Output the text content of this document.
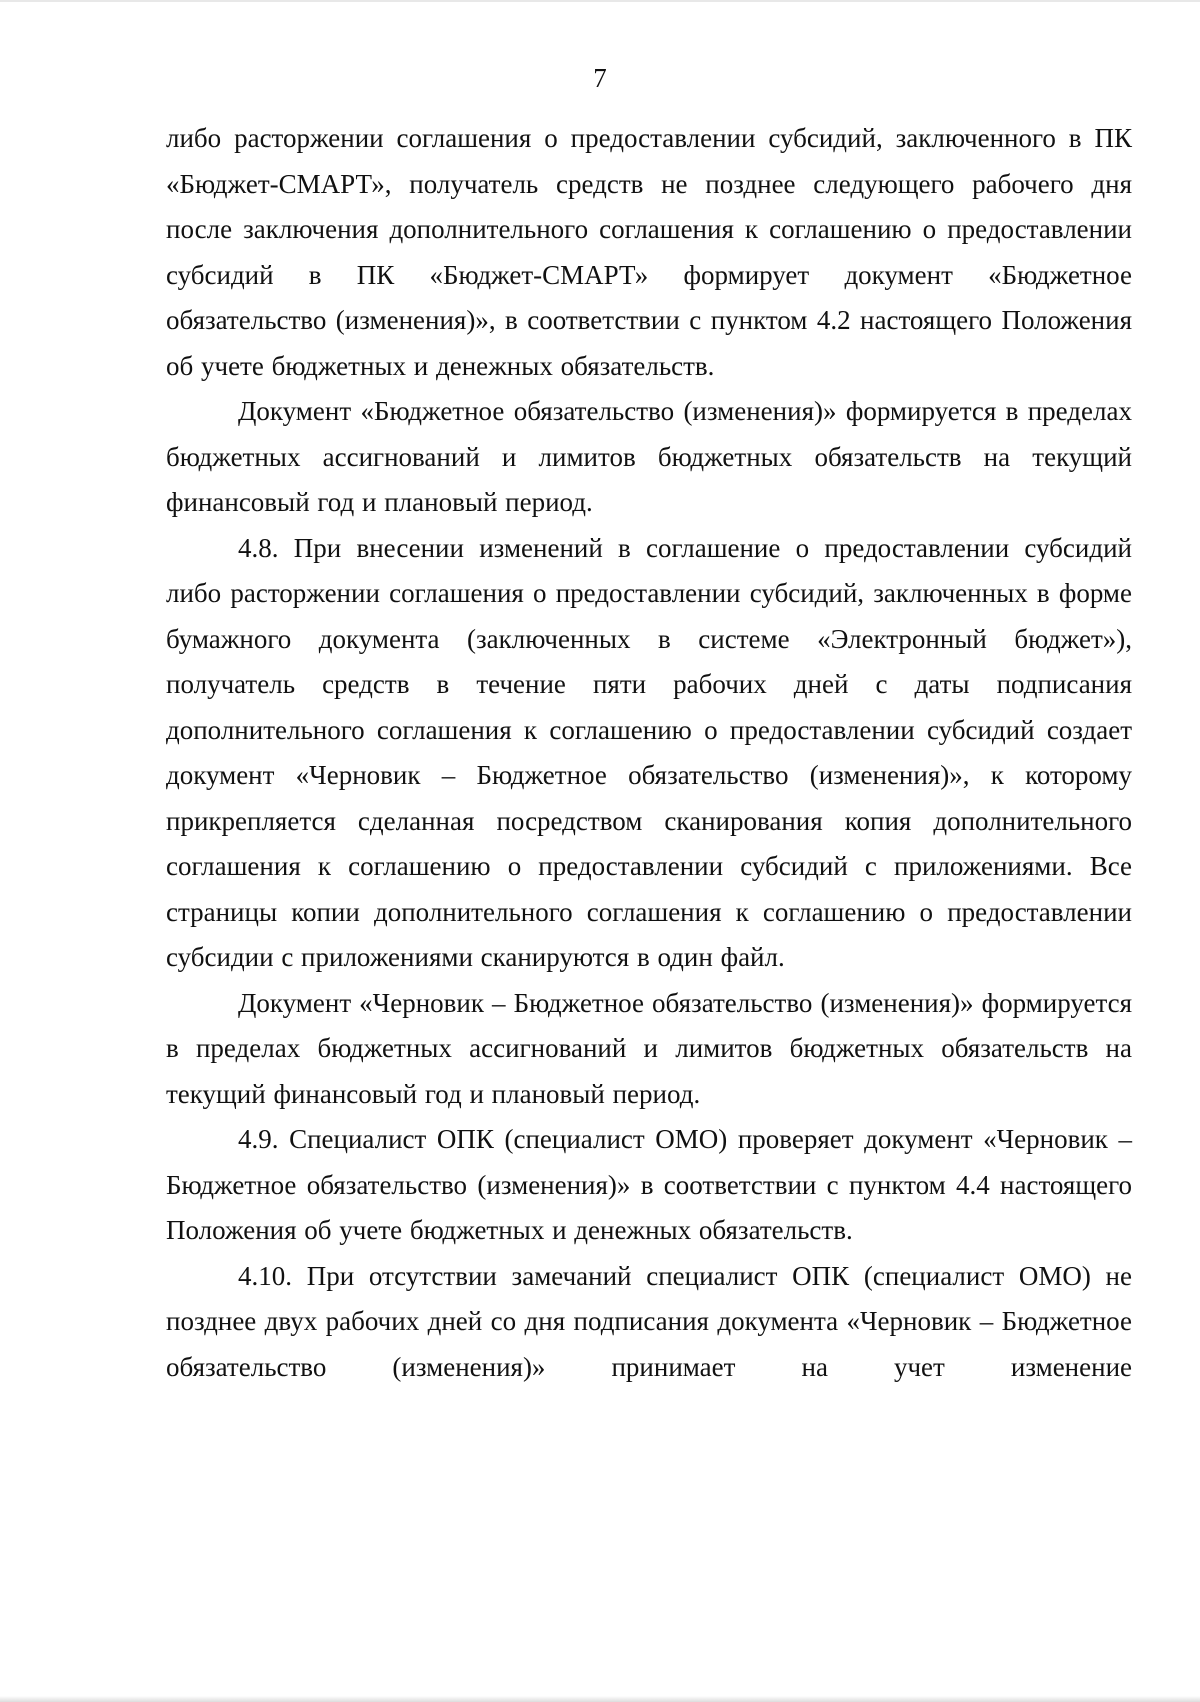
7

либо расторжении соглашения о предоставлении субсидий, заключенного в ПК «Бюджет-СМАРТ», получатель средств не позднее следующего рабочего дня после заключения дополнительного соглашения к соглашению о предоставлении субсидий в ПК «Бюджет-СМАРТ» формирует документ «Бюджетное обязательство (изменения)», в соответствии с пунктом 4.2 настоящего Положения об учете бюджетных и денежных обязательств.

Документ «Бюджетное обязательство (изменения)» формируется в пределах бюджетных ассигнований и лимитов бюджетных обязательств на текущий финансовый год и плановый период.

4.8. При внесении изменений в соглашение о предоставлении субсидий либо расторжении соглашения о предоставлении субсидий, заключенных в форме бумажного документа (заключенных в системе «Электронный бюджет»), получатель средств в течение пяти рабочих дней с даты подписания дополнительного соглашения к соглашению о предоставлении субсидий создает документ «Черновик – Бюджетное обязательство (изменения)», к которому прикрепляется сделанная посредством сканирования копия дополнительного соглашения к соглашению о предоставлении субсидий с приложениями. Все страницы копии дополнительного соглашения к соглашению о предоставлении субсидии с приложениями сканируются в один файл.

Документ «Черновик – Бюджетное обязательство (изменения)» формируется в пределах бюджетных ассигнований и лимитов бюджетных обязательств на текущий финансовый год и плановый период.

4.9. Специалист ОПК (специалист ОМО) проверяет документ «Черновик – Бюджетное обязательство (изменения)» в соответствии с пунктом 4.4 настоящего Положения об учете бюджетных и денежных обязательств.

4.10. При отсутствии замечаний специалист ОПК (специалист ОМО) не позднее двух рабочих дней со дня подписания документа «Черновик – Бюджетное обязательство (изменения)» принимает на учет изменение
